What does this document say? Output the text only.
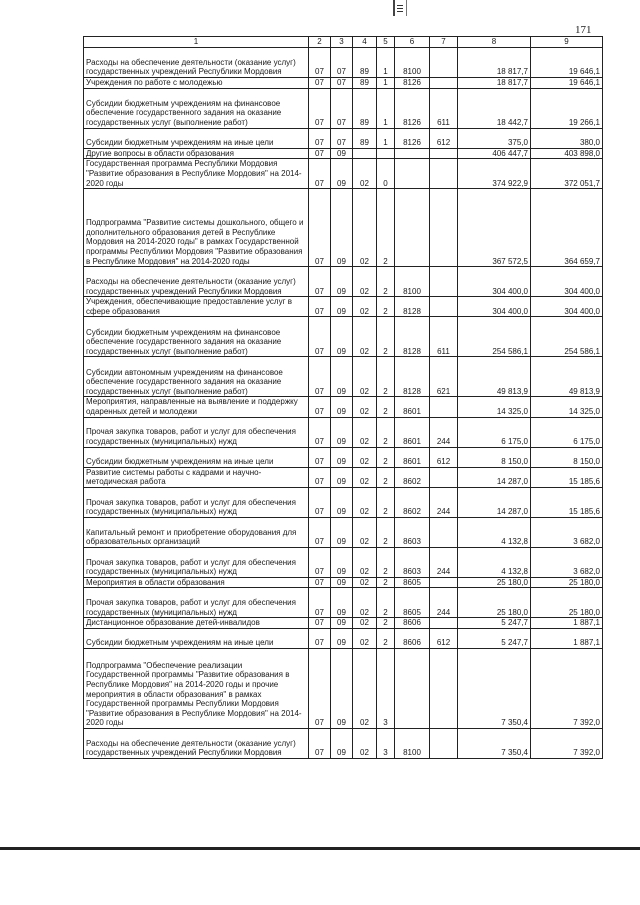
171
1	2	3	4	5	6	7	8	9
Расходы на обеспечение деятельности (оказание услуг) государственных учреждений Республики Мордовия	07	07	89	1	8100		18 817,7	19 646,1
Учреждения по работе с молодежью	07	07	89	1	8126		18 817,7	19 646,1
Субсидии бюджетным учреждениям на финансовое обеспечение государственного задания на оказание государственных услуг (выполнение работ)	07	07	89	1	8126	611	18 442,7	19 266,1
Субсидии бюджетным учреждениям на иные цели	07	07	89	1	8126	612	375,0	380,0
Другие вопросы в области образования	07	09					406 447,7	403 898,0
Государственная программа Республики Мордовия "Развитие образования в Республике Мордовия" на 2014-2020 годы	07	09	02	0			374 922,9	372 051,7
Подпрограмма "Развитие системы дошкольного, общего и дополнительного образования детей в Республике Мордовия на 2014-2020 годы" в рамках Государственной программы Республики Мордовия "Развитие образования в Республике Мордовия" на 2014-2020 годы	07	09	02	2			367 572,5	364 659,7
Расходы на обеспечение деятельности (оказание услуг) государственных учреждений Республики Мордовия	07	09	02	2	8100		304 400,0	304 400,0
Учреждения, обеспечивающие предоставление услуг в сфере образования	07	09	02	2	8128		304 400,0	304 400,0
Субсидии бюджетным учреждениям на финансовое обеспечение государственного задания на оказание государственных услуг (выполнение работ)	07	09	02	2	8128	611	254 586,1	254 586,1
Субсидии автономным учреждениям на финансовое обеспечение государственного задания на оказание государственных услуг (выполнение работ)	07	09	02	2	8128	621	49 813,9	49 813,9
Мероприятия, направленные на выявление и поддержку одаренных детей и молодежи	07	09	02	2	8601		14 325,0	14 325,0
Прочая закупка товаров, работ и услуг для обеспечения государственных (муниципальных) нужд	07	09	02	2	8601	244	6 175,0	6 175,0
Субсидии бюджетным учреждениям на иные цели	07	09	02	2	8601	612	8 150,0	8 150,0
Развитие системы работы с кадрами и научно-методическая работа	07	09	02	2	8602		14 287,0	15 185,6
Прочая закупка товаров, работ и услуг для обеспечения государственных (муниципальных) нужд	07	09	02	2	8602	244	14 287,0	15 185,6
Капитальный ремонт и приобретение оборудования для образовательных организаций	07	09	02	2	8603		4 132,8	3 682,0
Прочая закупка товаров, работ и услуг для обеспечения государственных (муниципальных) нужд	07	09	02	2	8603	244	4 132,8	3 682,0
Мероприятия в области образования	07	09	02	2	8605		25 180,0	25 180,0
Прочая закупка товаров, работ и услуг для обеспечения государственных (муниципальных) нужд	07	09	02	2	8605	244	25 180,0	25 180,0
Дистанционное образование детей-инвалидов	07	09	02	2	8606		5 247,7	1 887,1
Субсидии бюджетным учреждениям на иные цели	07	09	02	2	8606	612	5 247,7	1 887,1
Подпрограмма "Обеспечение реализации Государственной программы "Развитие образования в Республике Мордовия" на 2014-2020 годы и прочие мероприятия в области образования" в рамках Государственной программы Республики Мордовия "Развитие образования в Республике Мордовия" на 2014-2020 годы	07	09	02	3			7 350,4	7 392,0
Расходы на обеспечение деятельности (оказание услуг) государственных учреждений Республики Мордовия	07	09	02	3	8100		7 350,4	7 392,0
